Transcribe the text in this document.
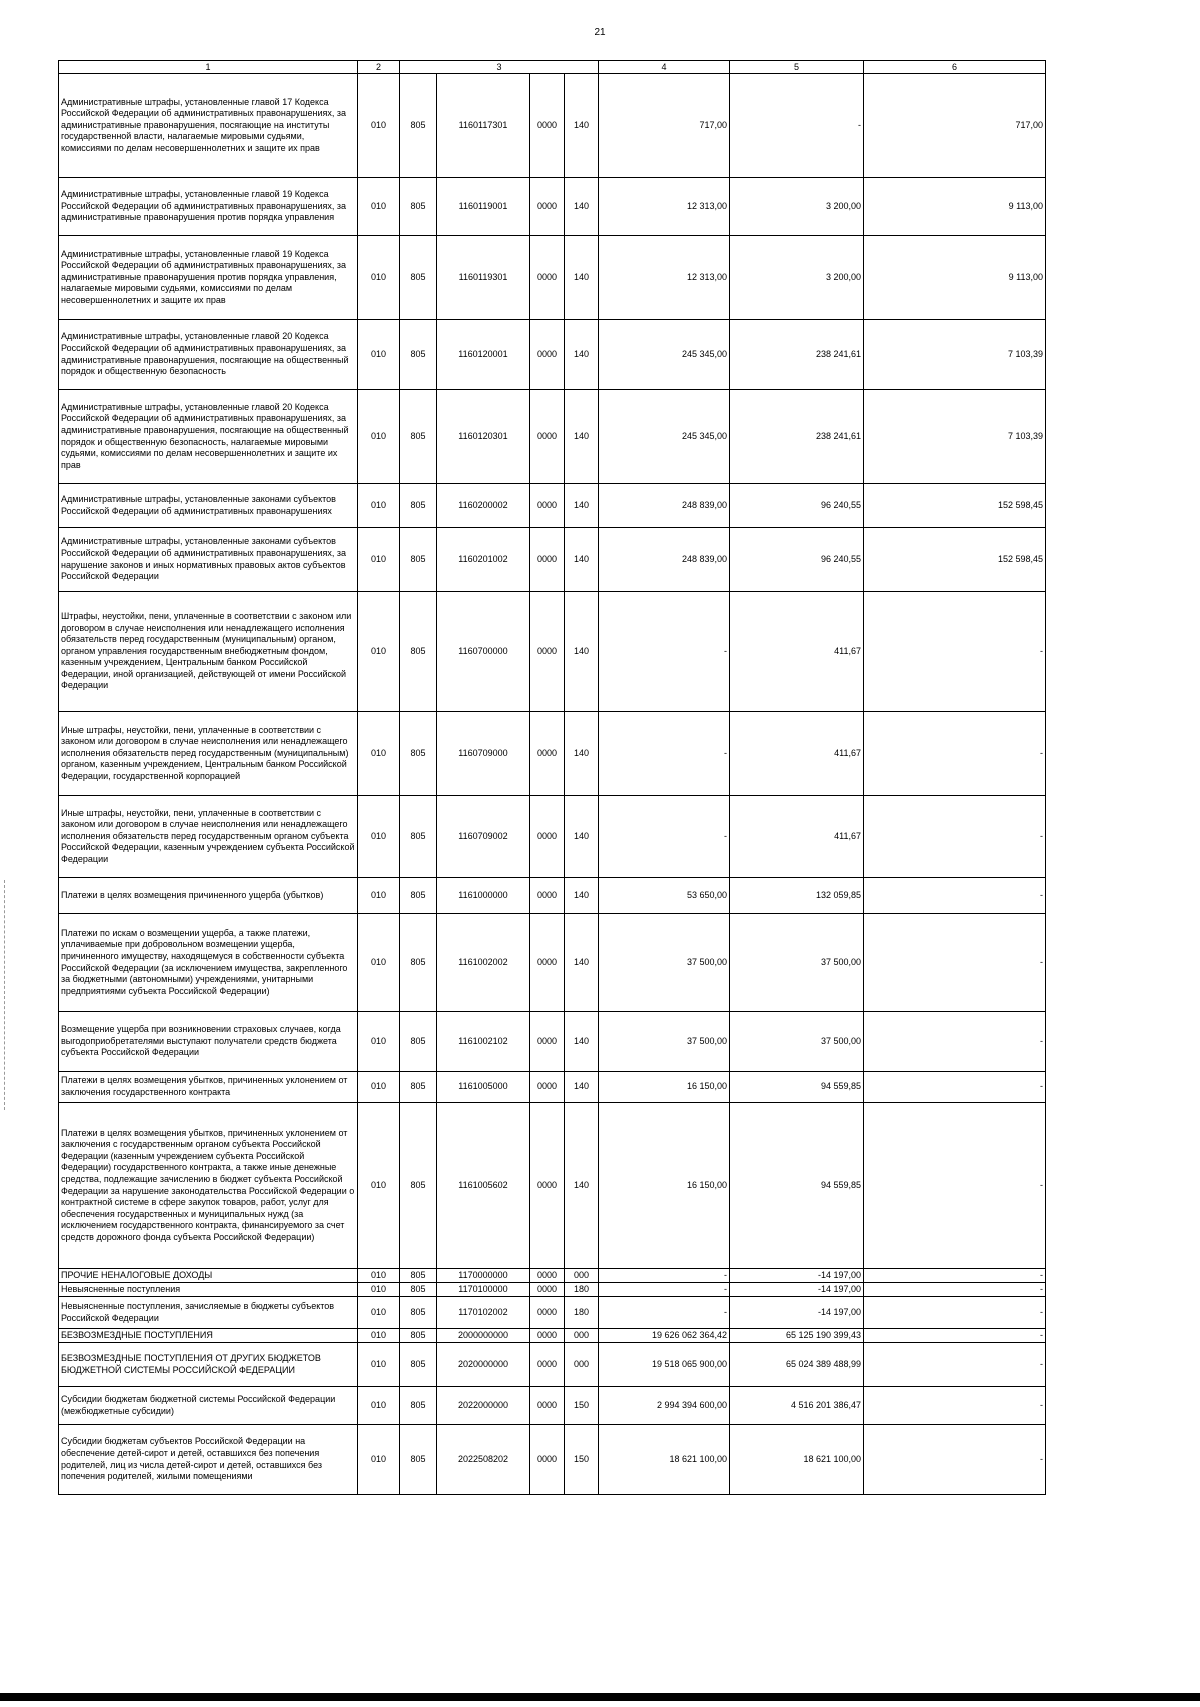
21
1	2	3				4	5	6
Административные штрафы, установленные главой 17 Кодекса Российской Федерации об административных правонарушениях, за административные правонарушения, посягающие на институты государственной власти, налагаемые мировыми судьями, комиссиями по делам несовершеннолетних и защите их прав	010	805	1160117301	0000	140	717,00	-	717,00
Административные штрафы, установленные главой 19 Кодекса Российской Федерации об административных правонарушениях, за административные правонарушения против порядка управления	010	805	1160119001	0000	140	12 313,00	3 200,00	9 113,00
Административные штрафы, установленные главой 19 Кодекса Российской Федерации об административных правонарушениях, за административные правонарушения против порядка управления, налагаемые мировыми судьями, комиссиями по делам несовершеннолетних и защите их прав	010	805	1160119301	0000	140	12 313,00	3 200,00	9 113,00
Административные штрафы, установленные главой 20 Кодекса Российской Федерации об административных правонарушениях, за административные правонарушения, посягающие на общественный порядок и общественную безопасность	010	805	1160120001	0000	140	245 345,00	238 241,61	7 103,39
Административные штрафы, установленные главой 20 Кодекса Российской Федерации об административных правонарушениях, за административные правонарушения, посягающие на общественный порядок и общественную безопасность, налагаемые мировыми судьями, комиссиями по делам несовершеннолетних и защите их прав	010	805	1160120301	0000	140	245 345,00	238 241,61	7 103,39
Административные штрафы, установленные законами субъектов Российской Федерации об административных правонарушениях	010	805	1160200002	0000	140	248 839,00	96 240,55	152 598,45
Административные штрафы, установленные законами субъектов Российской Федерации об административных правонарушениях, за нарушение законов и иных нормативных правовых актов субъектов Российской Федерации	010	805	1160201002	0000	140	248 839,00	96 240,55	152 598,45
Штрафы, неустойки, пени, уплаченные в соответствии с законом или договором в случае неисполнения или ненадлежащего исполнения обязательств перед государственным (муниципальным) органом, органом управления государственным внебюджетным фондом, казенным учреждением, Центральным банком Российской Федерации, иной организацией, действующей от имени Российской Федерации	010	805	1160700000	0000	140	-	411,67	-
Иные штрафы, неустойки, пени, уплаченные в соответствии с законом или договором в случае неисполнения или ненадлежащего исполнения обязательств перед государственным (муниципальным) органом, казенным учреждением, Центральным банком Российской Федерации, государственной корпорацией	010	805	1160709000	0000	140	-	411,67	-
Иные штрафы, неустойки, пени, уплаченные в соответствии с законом или договором в случае неисполнения или ненадлежащего исполнения обязательств перед государственным органом субъекта Российской Федерации, казенным учреждением субъекта Российской Федерации	010	805	1160709002	0000	140	-	411,67	-
Платежи в целях возмещения причиненного ущерба (убытков)	010	805	1161000000	0000	140	53 650,00	132 059,85	-
Платежи по искам о возмещении ущерба, а также платежи, уплачиваемые при добровольном возмещении ущерба, причиненного имуществу, находящемуся в собственности субъекта Российской Федерации (за исключением имущества, закрепленного за бюджетными (автономными) учреждениями, унитарными предприятиями субъекта Российской Федерации)	010	805	1161002002	0000	140	37 500,00	37 500,00	-
Возмещение ущерба при возникновении страховых случаев, когда выгодоприобретателями выступают получатели средств бюджета субъекта Российской Федерации	010	805	1161002102	0000	140	37 500,00	37 500,00	-
Платежи в целях возмещения убытков, причиненных уклонением от заключения государственного контракта	010	805	1161005000	0000	140	16 150,00	94 559,85	-
Платежи в целях возмещения убытков, причиненных уклонением от заключения с государственным органом субъекта Российской Федерации (казенным учреждением субъекта Российской Федерации) государственного контракта, а также иные денежные средства, подлежащие зачислению в бюджет субъекта Российской Федерации за нарушение законодательства Российской Федерации о контрактной системе в сфере закупок товаров, работ, услуг для обеспечения государственных и муниципальных нужд (за исключением государственного контракта, финансируемого за счет средств дорожного фонда субъекта Российской Федерации)	010	805	1161005602	0000	140	16 150,00	94 559,85	-
ПРОЧИЕ НЕНАЛОГОВЫЕ ДОХОДЫ	010	805	1170000000	0000	000	-	-14 197,00	-
Невыясненные поступления	010	805	1170100000	0000	180	-	-14 197,00	-
Невыясненные поступления, зачисляемые в бюджеты субъектов Российской Федерации	010	805	1170102002	0000	180	-	-14 197,00	-
БЕЗВОЗМЕЗДНЫЕ ПОСТУПЛЕНИЯ	010	805	2000000000	0000	000	19 626 062 364,42	65 125 190 399,43	-
БЕЗВОЗМЕЗДНЫЕ ПОСТУПЛЕНИЯ ОТ ДРУГИХ БЮДЖЕТОВ БЮДЖЕТНОЙ СИСТЕМЫ РОССИЙСКОЙ ФЕДЕРАЦИИ	010	805	2020000000	0000	000	19 518 065 900,00	65 024 389 488,99	-
Субсидии бюджетам бюджетной системы Российской Федерации (межбюджетные субсидии)	010	805	2022000000	0000	150	2 994 394 600,00	4 516 201 386,47	-
Субсидии бюджетам субъектов Российской Федерации на обеспечение детей-сирот и детей, оставшихся без попечения родителей, лиц из числа детей-сирот и детей, оставшихся без попечения родителей, жилыми помещениями	010	805	2022508202	0000	150	18 621 100,00	18 621 100,00	-
